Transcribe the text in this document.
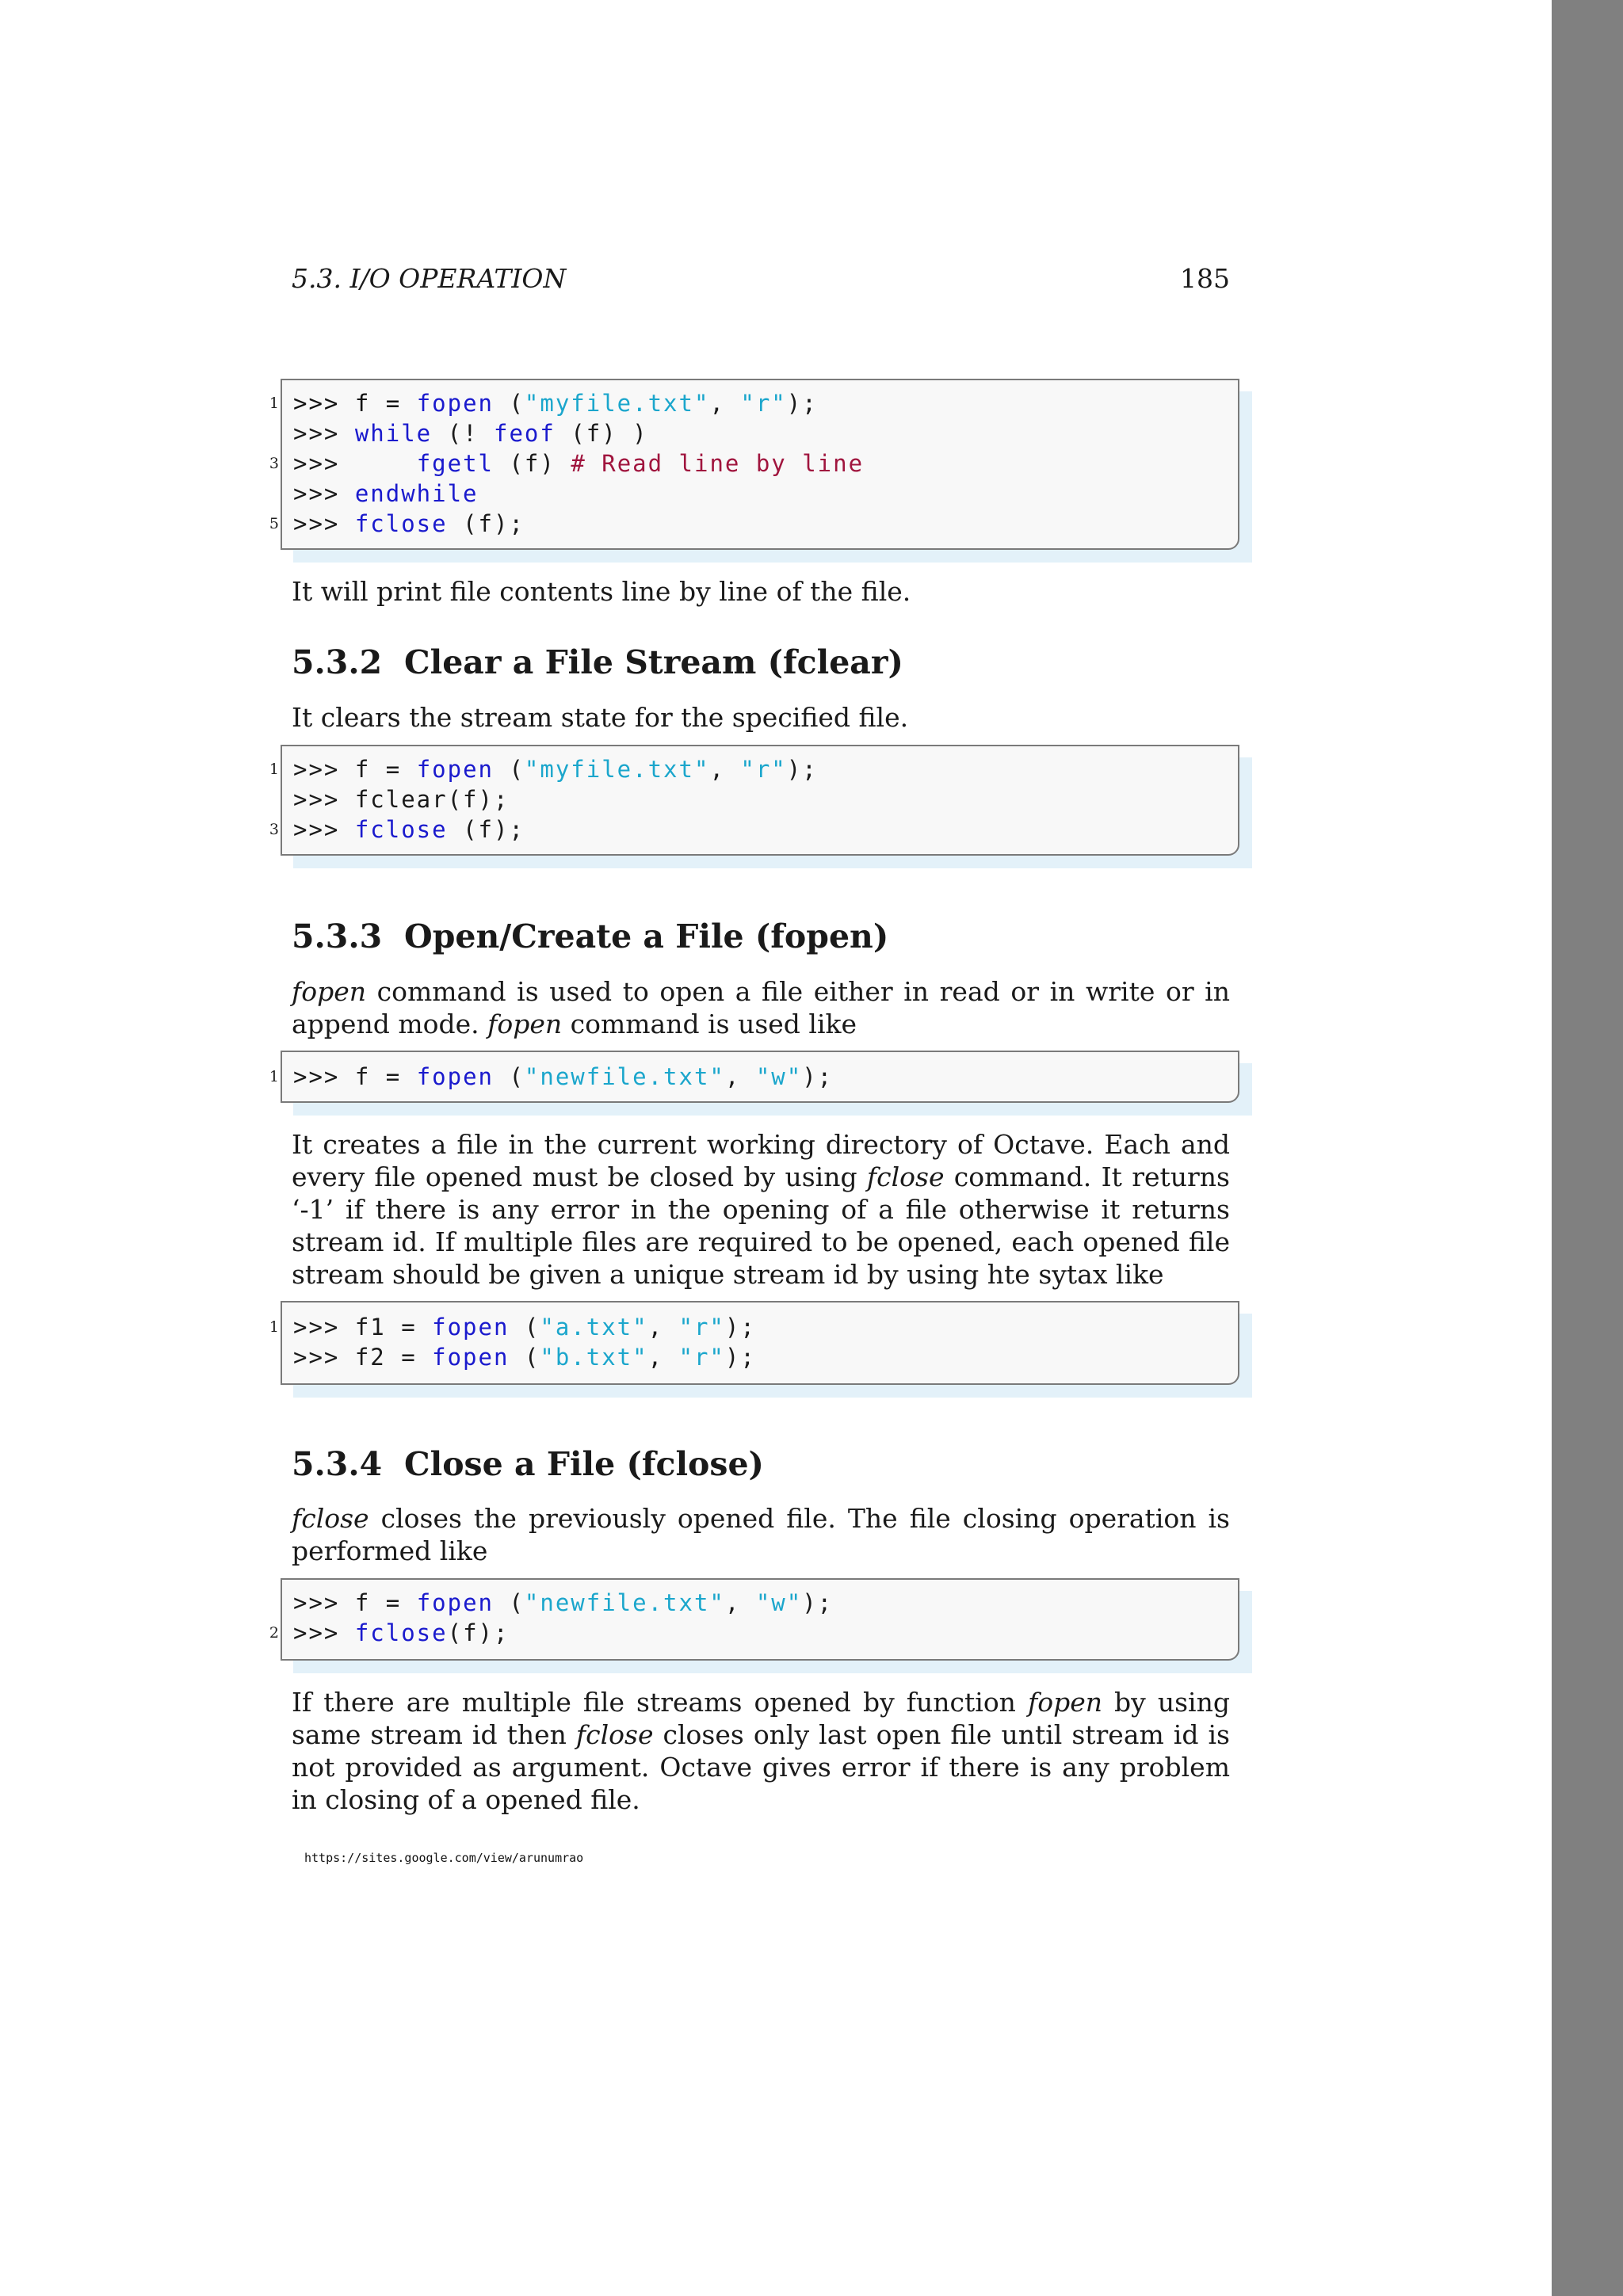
5.3. I/O OPERATION	185
>>> f = fopen ("myfile.txt", "r");
>>> while (! feof (f) )
>>>     fgetl (f) # Read line by line
>>> endwhile
>>> fclose (f);
1
3
5
It will print file contents line by line of the file.
5.3.2 Clear a File Stream (fclear)
It clears the stream state for the specified file.
>>> f = fopen ("myfile.txt", "r");
>>> fclear(f);
>>> fclose (f);
1
3
5.3.3 Open/Create a File (fopen)
fopen command is used to open a file either in read or in write or in append mode. fopen command is used like
>>> f = fopen ("newfile.txt", "w");
1
It creates a file in the current working directory of Octave. Each and every file opened must be closed by using fclose command. It returns ‘-1’ if there is any error in the opening of a file otherwise it returns stream id. If multiple files are required to be opened, each opened file stream should be given a unique stream id by using hte sytax like
>>> f1 = fopen ("a.txt", "r");
>>> f2 = fopen ("b.txt", "r");
1
5.3.4 Close a File (fclose)
fclose closes the previously opened file. The file closing operation is performed like
>>> f = fopen ("newfile.txt", "w");
>>> fclose(f);
2
If there are multiple file streams opened by function fopen by using same stream id then fclose closes only last open file until stream id is not provided as argument. Octave gives error if there is any problem in closing of a opened file.
https://sites.google.com/view/arunumrao
